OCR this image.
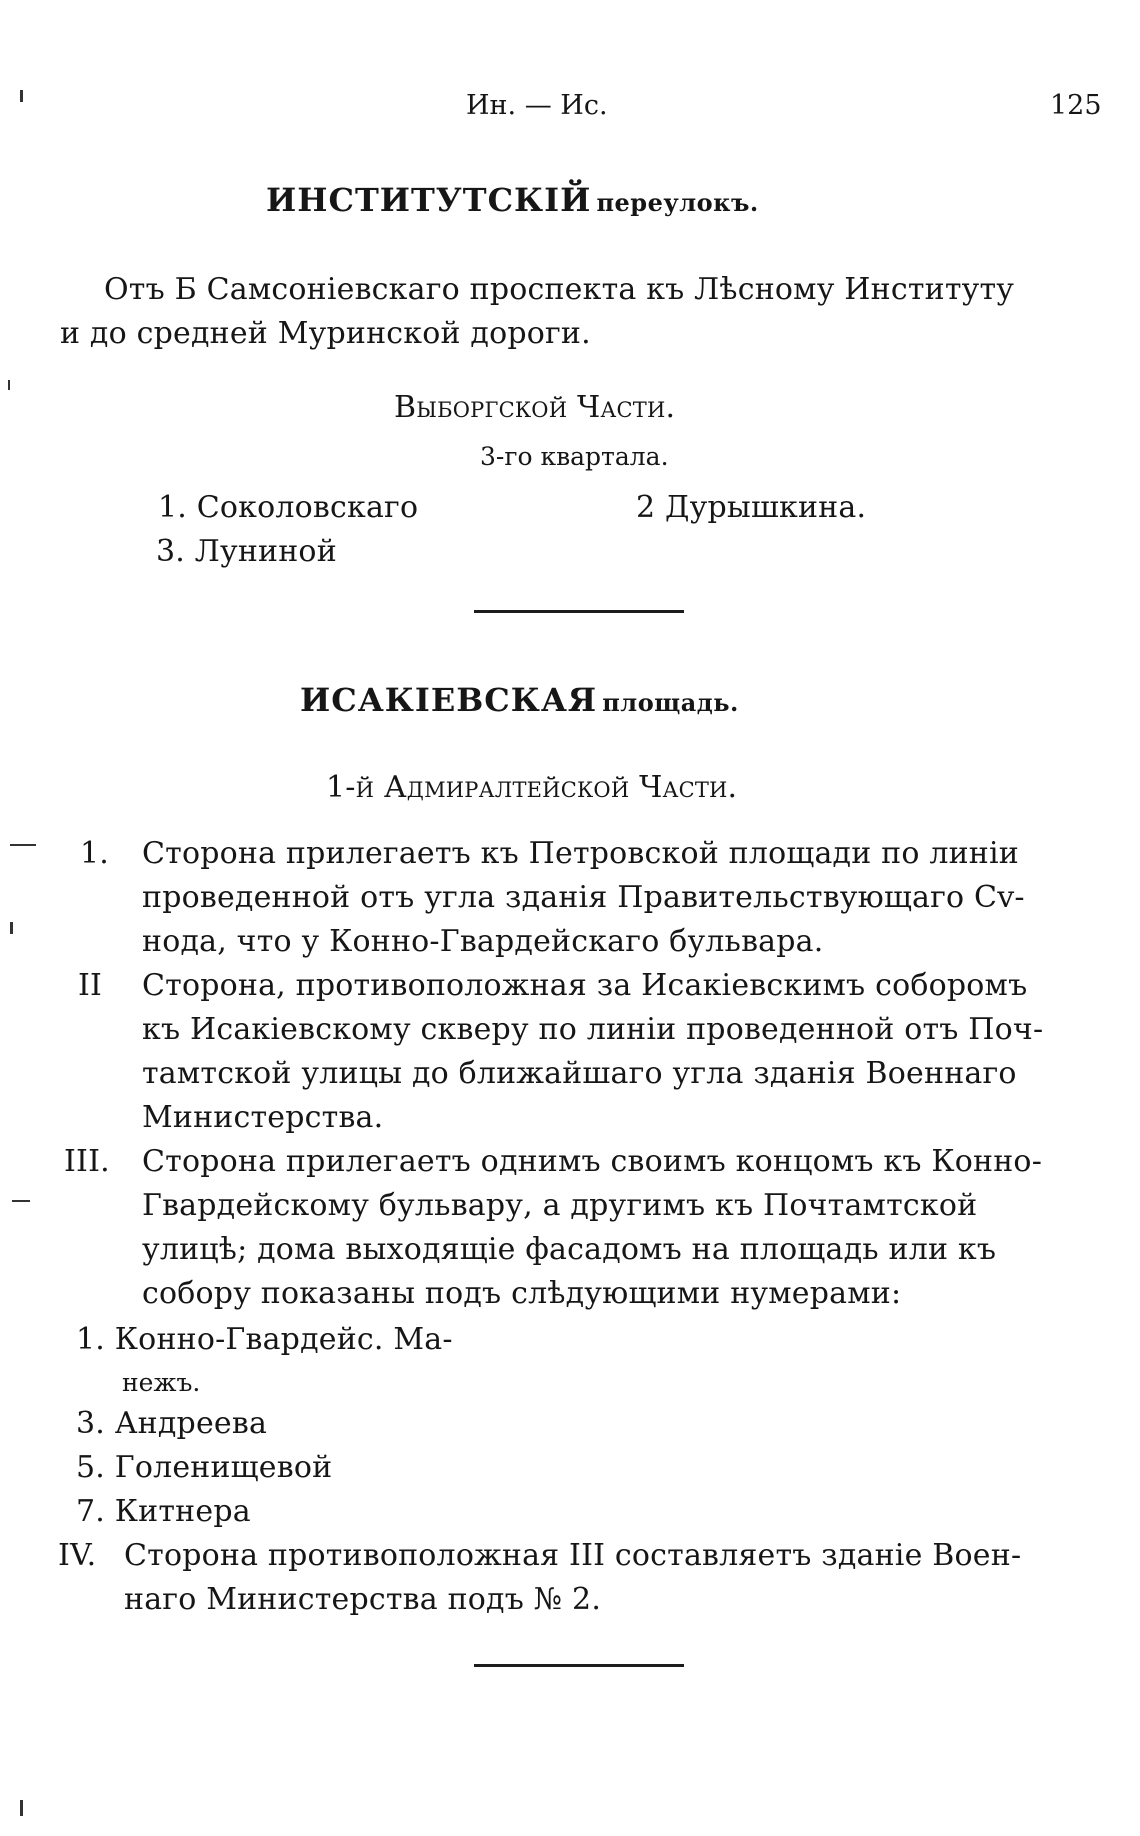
Ин. — Ис.	125
ИНСТИТУТСКIЙ переулокъ.
Отъ Б Самсонiевскаго проспекта къ Лѣсному Институту
и до средней Муринской дороги.
Выборгской Части.
3-го квартала.
1. Соколовскаго	2 Дурышкина.
3. Луниной
ИСАКIЕВСКАЯ площадь.
1-й Адмиралтейской Части.
1. Сторона прилегаетъ къ Петровской площади по линiи
проведенной отъ угла зданiя Правительствующаго Cv-
нода, что у Конно-Гвардейскаго бульвара.
II Сторона, противоположная за Исакiевскимъ соборомъ
къ Исакiевскому скверу по линiи проведенной отъ Поч-
тамтской улицы до ближайшаго угла зданiя Военнаго
Министерства.
III. Сторона прилегаетъ однимъ своимъ концомъ къ Конно-
Гвардейскому бульвару, а другимъ къ Почтамтской
улицѣ; дома выходящiе фасадомъ на площадь или къ
собору показаны подъ слѣдующими нумерами:
1. Конно-Гвардейс. Ма-
нежъ.
3. Андреева
5. Голенищевой
7. Китнера
IV. Сторона противоположная III составляетъ зданiе Воен-
наго Министерства подъ № 2.
